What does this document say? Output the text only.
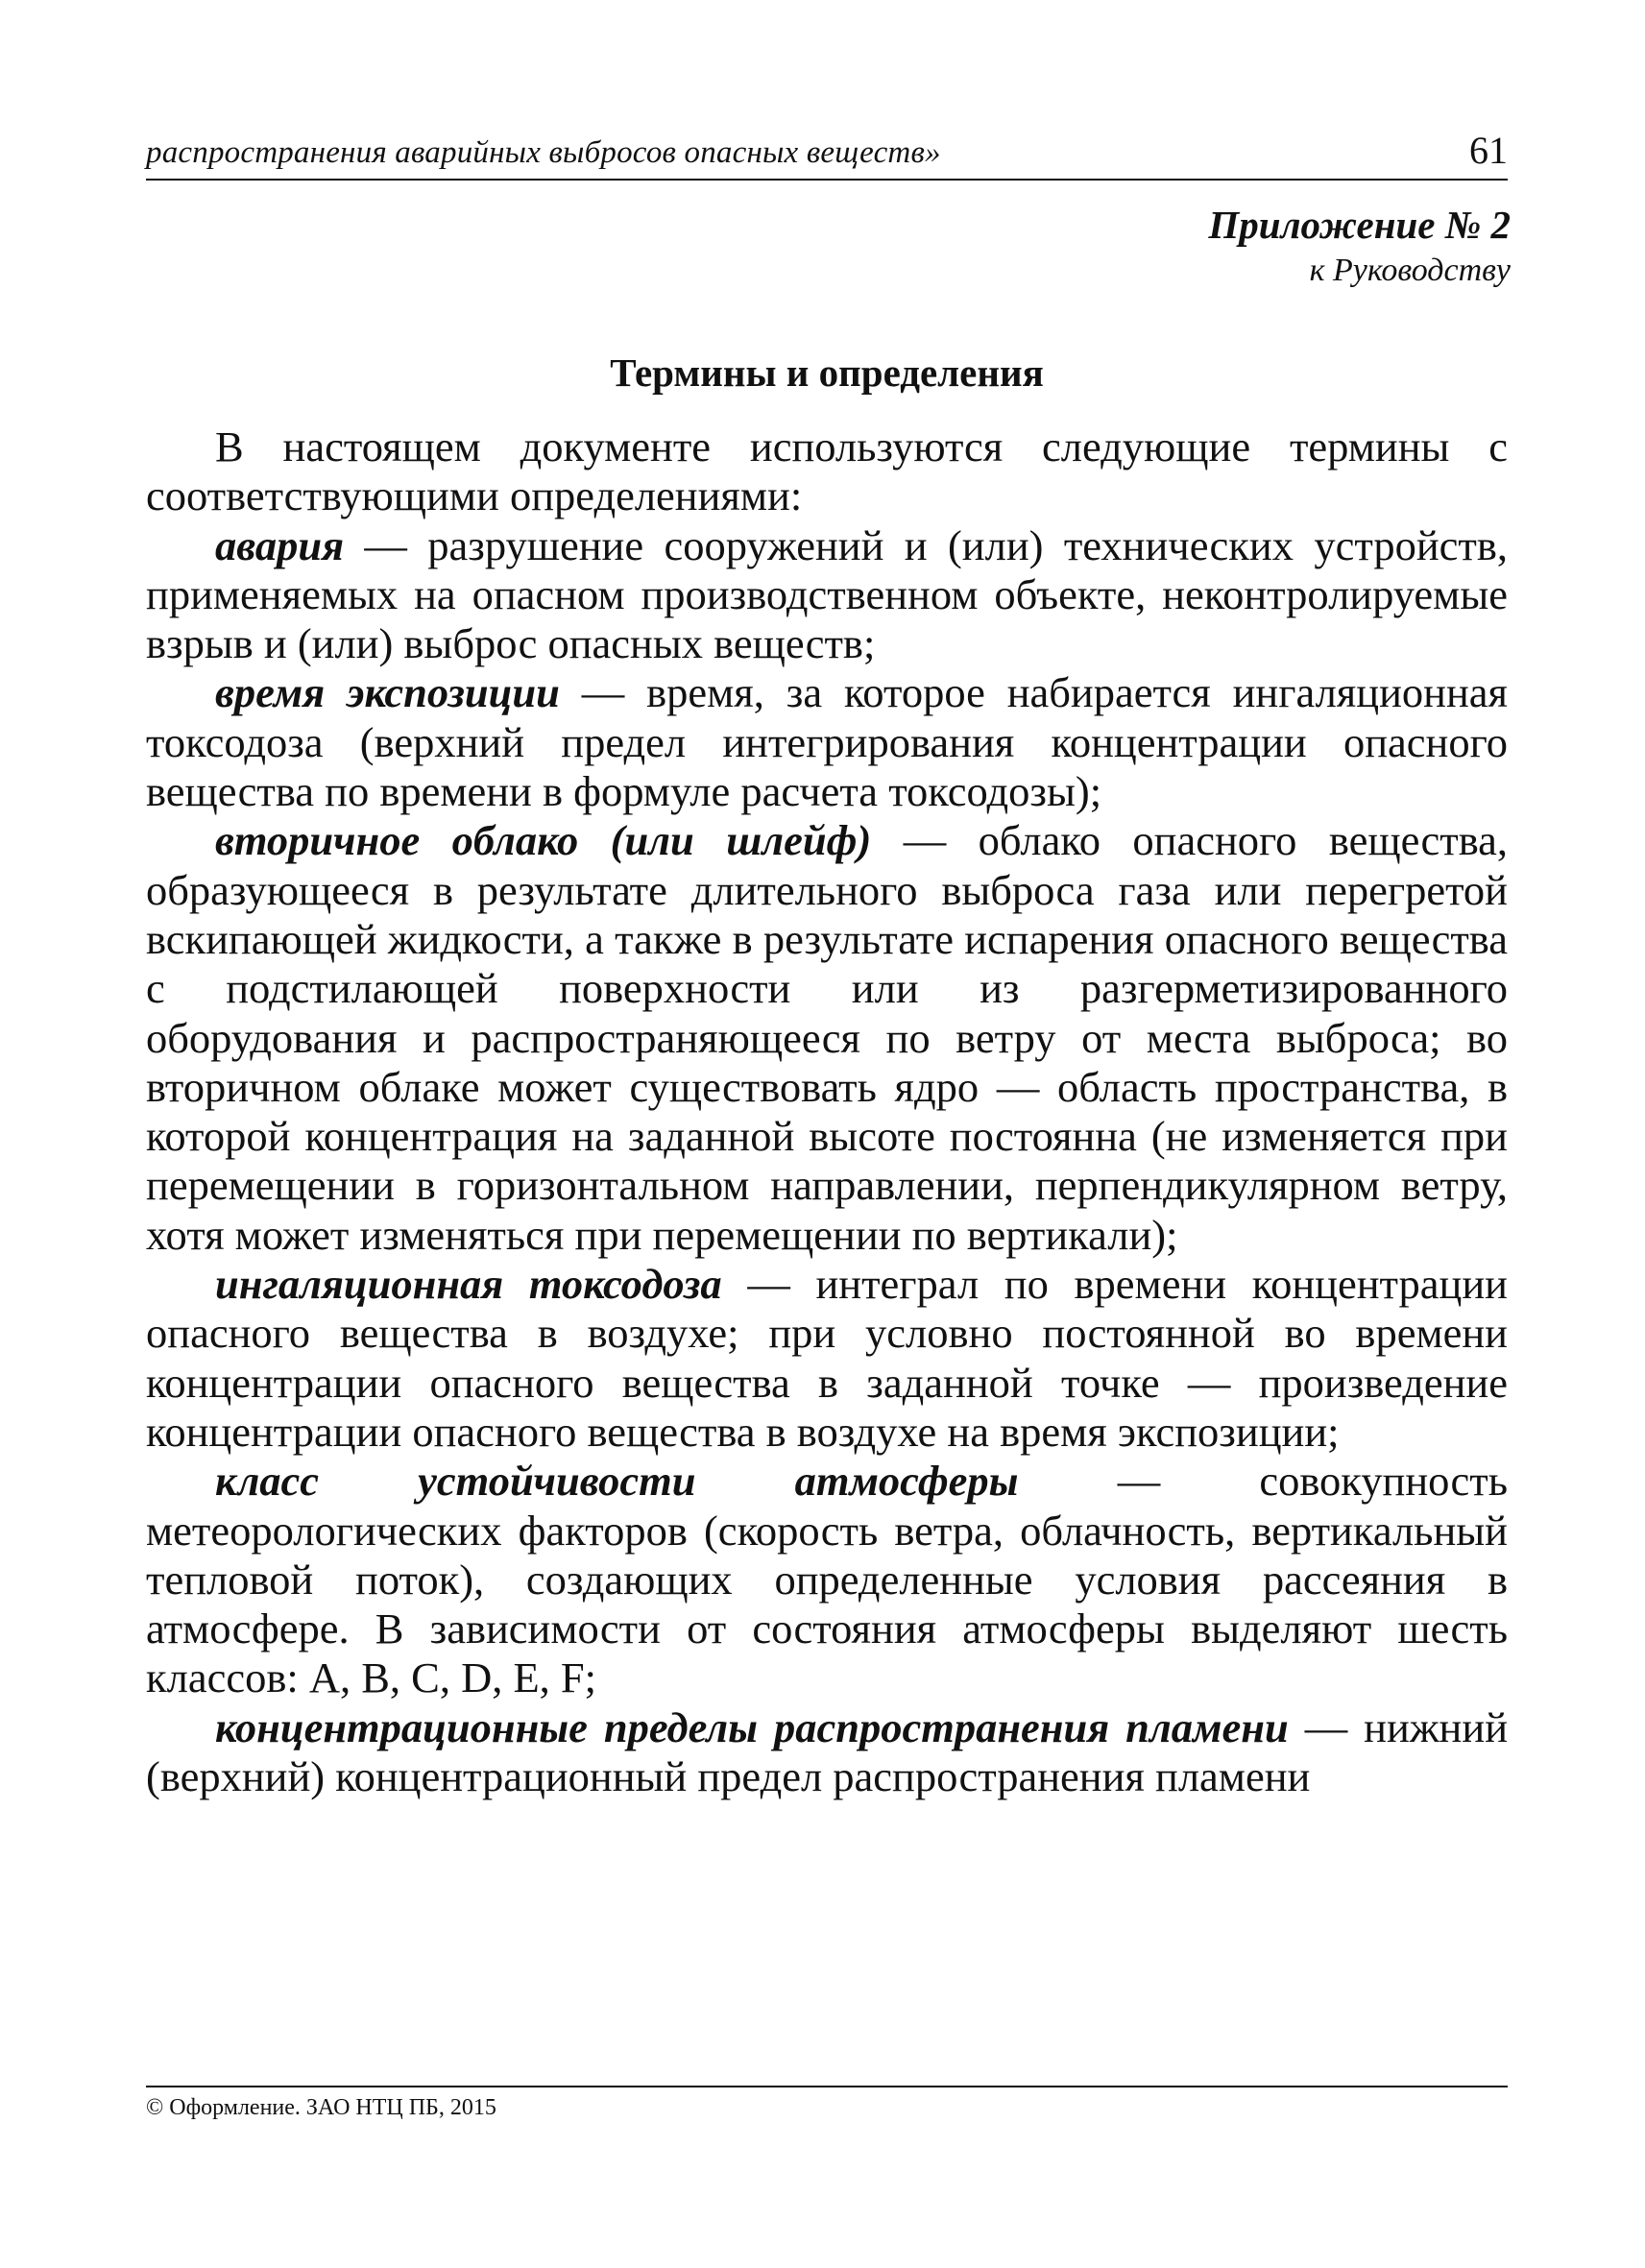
распространения аварийных выбросов опасных веществ»	61
Приложение № 2
к Руководству
Термины и определения

В настоящем документе используются следующие термины с соответствующими определениями:

авария — разрушение сооружений и (или) технических устройств, применяемых на опасном производственном объекте, неконтролируемые взрыв и (или) выброс опасных веществ;

время экспозиции — время, за которое набирается ингаляционная токсодоза (верхний предел интегрирования концентрации опасного вещества по времени в формуле расчета токсодозы);

вторичное облако (или шлейф) — облако опасного вещества, образующееся в результате длительного выброса газа или перегретой вскипающей жидкости, а также в результате испарения опасного вещества с подстилающей поверхности или из разгерметизированного оборудования и распространяющееся по ветру от места выброса; во вторичном облаке может существовать ядро — область пространства, в которой концентрация на заданной высоте постоянна (не изменяется при перемещении в горизонтальном направлении, перпендикулярном ветру, хотя может изменяться при перемещении по вертикали);

ингаляционная токсодоза — интеграл по времени концентрации опасного вещества в воздухе; при условно постоянной во времени концентрации опасного вещества в заданной точке — произведение концентрации опасного вещества в воздухе на время экспозиции;

класс устойчивости атмосферы — совокупность метеорологических факторов (скорость ветра, облачность, вертикальный тепловой поток), создающих определенные условия рассеяния в атмосфере. В зависимости от состояния атмосферы выделяют шесть классов: А, В, С, D, E, F;

концентрационные пределы распространения пламени — нижний (верхний) концентрационный предел распространения пламени

© Оформление. ЗАО НТЦ ПБ, 2015
